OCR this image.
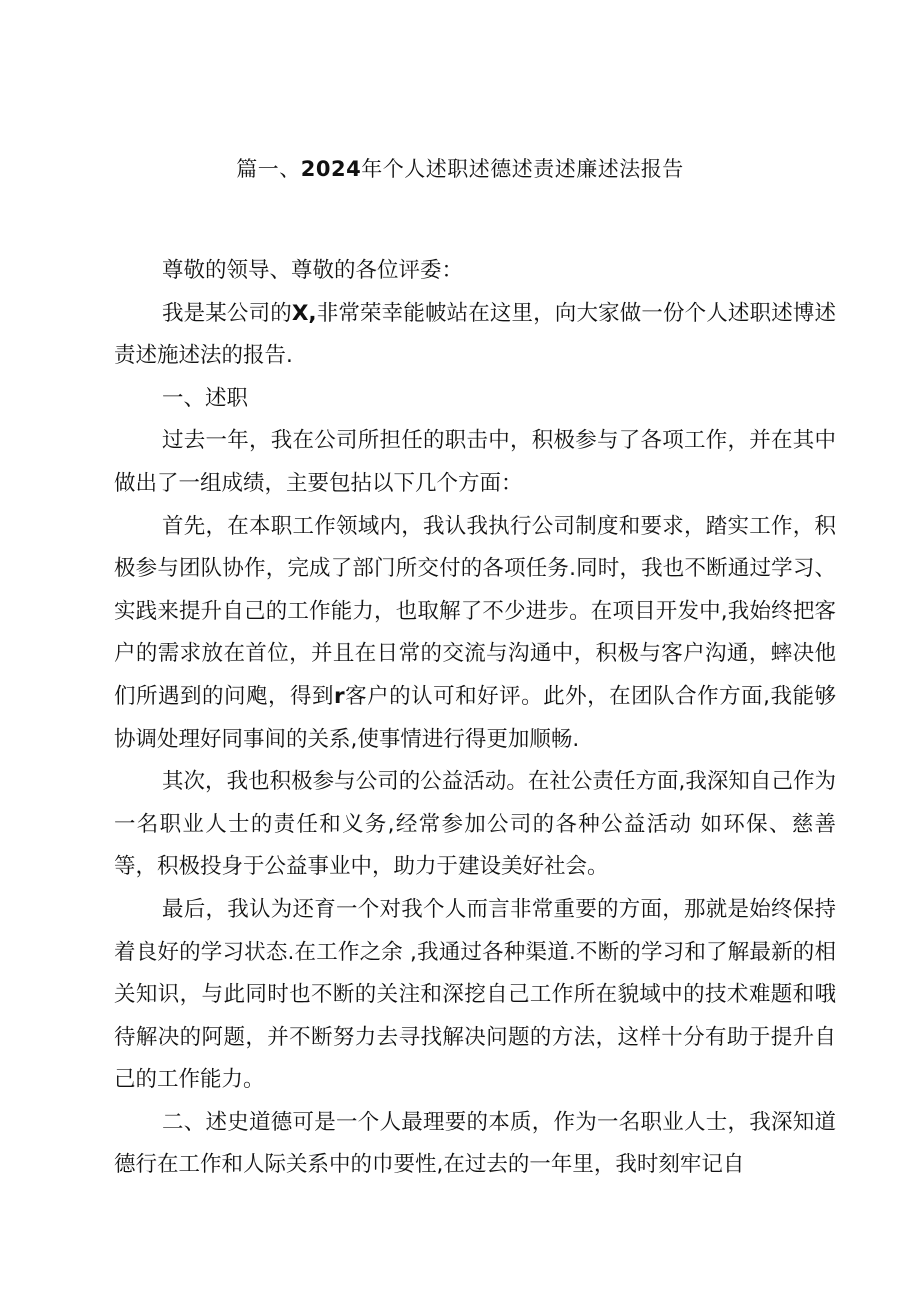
篇一、2024年个人述职述德述责述廉述法报告

尊敬的领导、尊敬的各位评委：

我是某公司的X,非常荣幸能帔站在这里，向大家做一份个人述职述博述责述施述法的报告.

一、述职

过去一年，我在公司所担任的职击中，积极参与了各项工作，并在其中做出了一组成绩，主要包拈以下几个方面：

首先，在本职工作领域内，我认我执行公司制度和要求，踏实工作，积极参与团队协作，完成了部门所交付的各项任务.同时，我也不断通过学习、实践来提升自己的工作能力，也取解了不少进步。在项目开发中,我始终把客户的需求放在首位，并且在日常的交流与沟通中，积极与客户沟通，蟀决他们所遇到的问飑，得到r客户的认可和好评。此外，在团队合作方面,我能够协调处理好同事间的关系,使事情进行得更加顺畅.

其次，我也积极参与公司的公益活动。在社公责任方面,我深知自己作为一名职业人士的责任和义务,经常参加公司的各种公益活动 如环保、慈善等，积极投身于公益事业中，助力于建设美好社会。

最后，我认为还育一个对我个人而言非常重要的方面，那就是始终保持着良好的学习状态.在工作之余 ,我通过各种渠道.不断的学习和了解最新的相关知识，与此同时也不断的关注和深挖自己工作所在貌域中的技术难题和哦待解决的阿题，并不断努力去寻找解决问题的方法，这样十分有助于提升自己的工作能力。

二、述史道德可是一个人最理要的本质，作为一名职业人士，我深知道德行在工作和人际关系中的巾要性,在过去的一年里，我时刻牢记自
